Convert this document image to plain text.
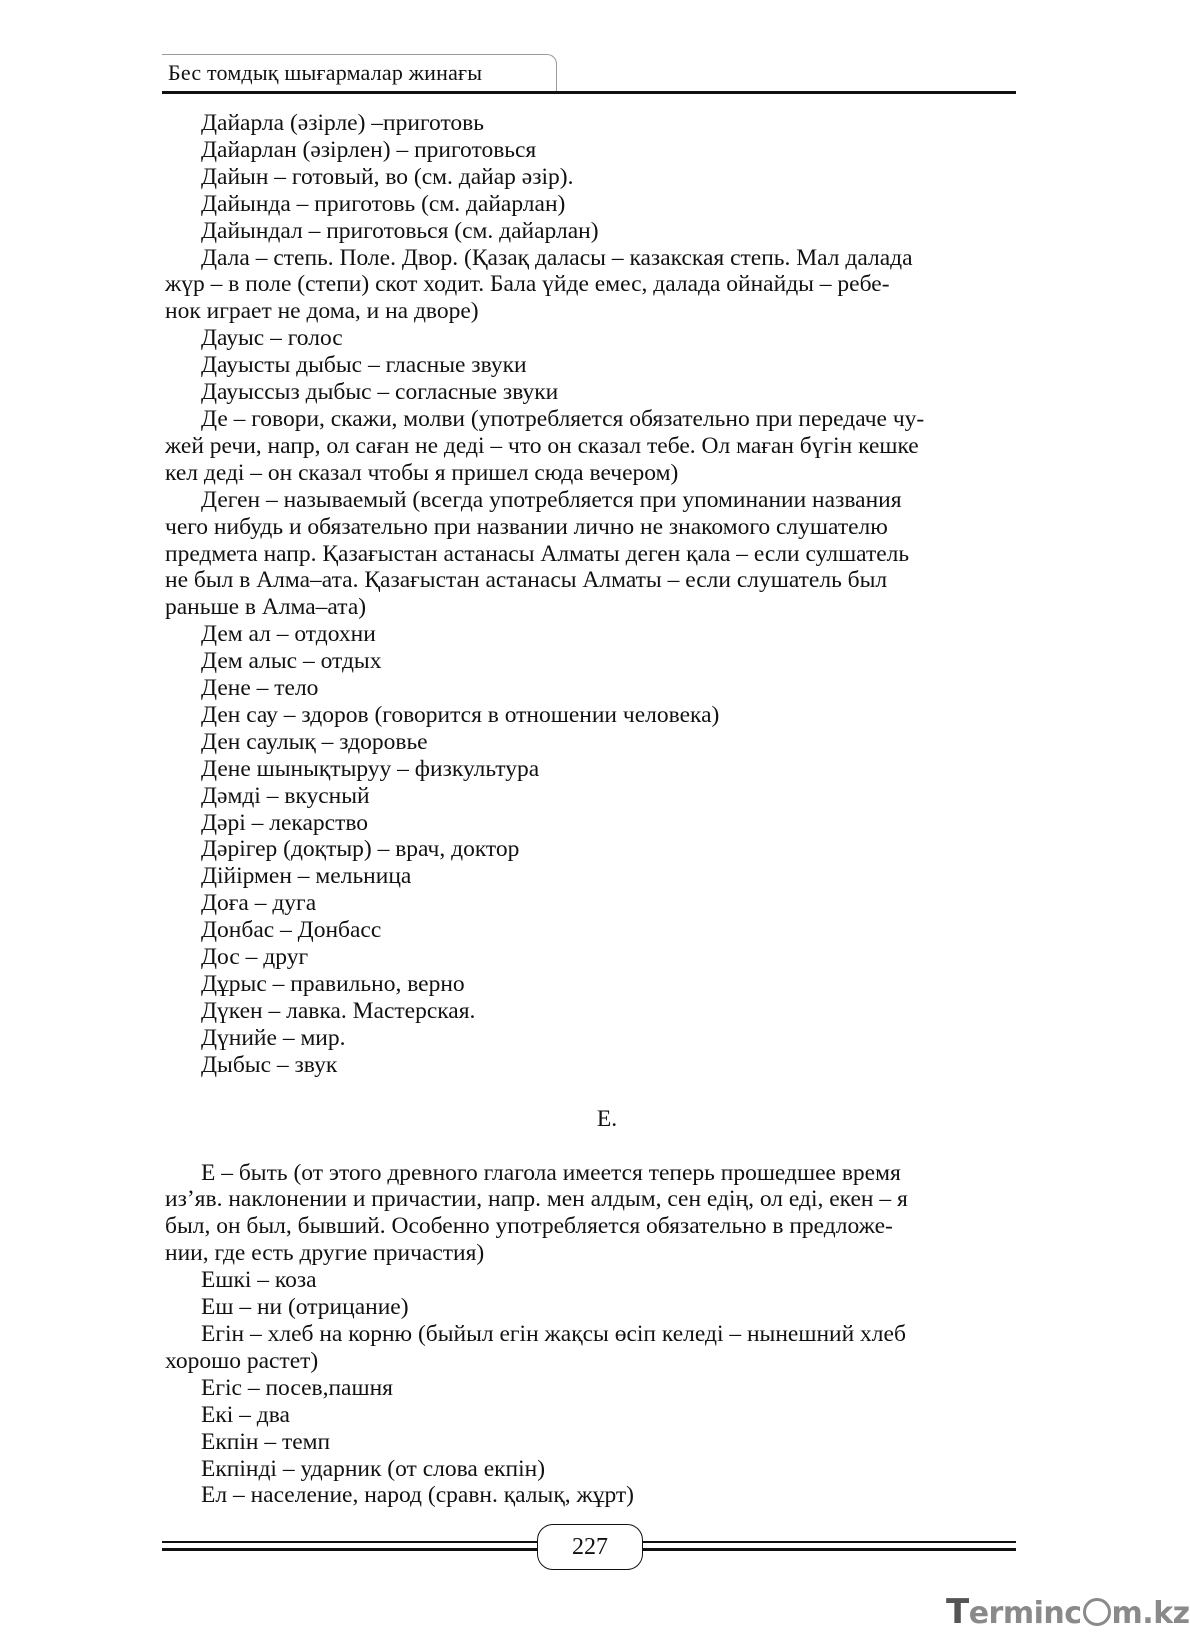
Бес томдық шығармалар жинағы
Дайарла (әзірле) –приготовь
Дайарлан (әзірлен) – приготовься
Дайын – готовый, во (см. дайар әзір).
Дайында – приготовь (см. дайарлан)
Дайындал – приготовься (см. дайарлан)
Дала – степь. Поле. Двор. (Қазақ даласы – казакская степь. Мал далада
жүр – в поле (степи) скот ходит. Бала үйде емес, далада ойнайды – ребе-
нок играет не дома, и на дворе)
Дауыс – голос
Дауысты дыбыс – гласные звуки
Дауыссыз дыбыс – согласные звуки
Де – говори, скажи, молви (употребляется обязательно при передаче чу-
жей речи, напр, ол саған не деді – что он сказал тебе. Ол маған бүгін кешке
кел деді – он сказал чтобы я пришел сюда вечером)
Деген – называемый (всегда употребляется при упоминании названия
чего нибудь и обязательно при названии лично не знакомого слушателю
предмета напр. Қазағыстан астанасы Алматы деген қала – если сулшатель
не был в Алма–ата. Қазағыстан астанасы Алматы – если слушатель был
раньше в Алма–ата)
Дем ал – отдохни
Дем алыс – отдых
Дене – тело
Ден сау – здоров (говорится в отношении человека)
Ден саулық – здоровье
Дене шынықтыруу – физкультура
Дәмді – вкусный
Дәрі – лекарство
Дәрігер (доқтыр) – врач, доктор
Дійірмен – мельница
Доға – дуга
Донбас – Донбасс
Дос – друг
Дұрыс – правильно, верно
Дүкен – лавка. Мастерская.
Дүнийе – мир.
Дыбыс – звук
Е.
Е – быть (от этого древного глагола имеется теперь прошедшее время
из’яв. наклонении и причастии, напр. мен алдым, сен едің, ол еді, екен – я
был, он был, бывший. Особенно употребляется обязательно в предложе-
нии, где есть другие причастия)
Ешкі – коза
Еш – ни (отрицание)
Егін – хлеб на корню (быйыл егін жақсы өсіп келеді – нынешний хлеб
хорошо растет)
Егіс – посев,пашня
Екі – два
Екпін – темп
Екпінді – ударник (от слова екпін)
Ел – население, народ (сравн. қалық, жұрт)
227
Terminc m.kz
